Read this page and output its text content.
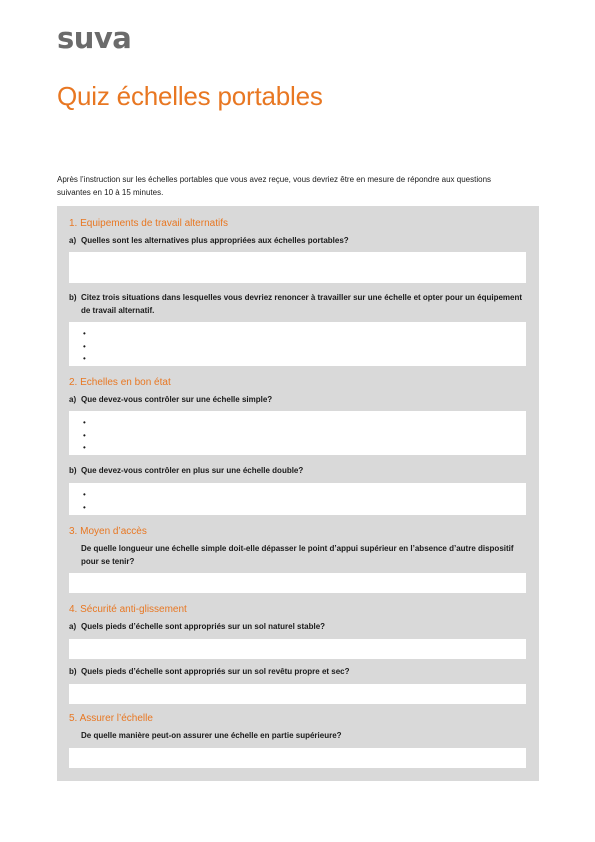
suva
Quiz échelles portables

Après l’instruction sur les échelles portables que vous avez reçue, vous devriez être en mesure de répondre aux questions suivantes en 10 à 15 minutes.

1. Equipements de travail alternatifs
a) Quelles sont les alternatives plus appropriées aux échelles portables?
b) Citez trois situations dans lesquelles vous devriez renoncer à travailler sur une échelle et opter pour un équipement de travail alternatif.
•
•
•
2. Echelles en bon état
a) Que devez-vous contrôler sur une échelle simple?
•
•
•
b) Que devez-vous contrôler en plus sur une échelle double?
•
•
3. Moyen d’accès
De quelle longueur une échelle simple doit-elle dépasser le point d’appui supérieur en l’absence d’autre dispositif pour se tenir?
4. Sécurité anti-glissement
a) Quels pieds d’échelle sont appropriés sur un sol naturel stable?
b) Quels pieds d’échelle sont appropriés sur un sol revêtu propre et sec?
5. Assurer l’échelle
De quelle manière peut-on assurer une échelle en partie supérieure?
